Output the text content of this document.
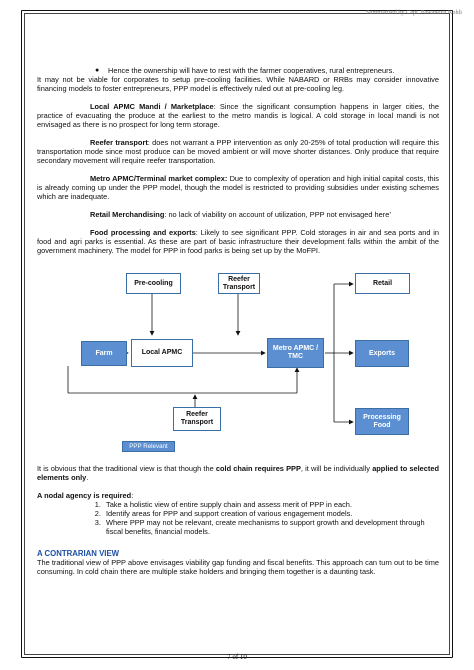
Summarised by Capt. Pawanexh Kohli
● Hence the ownership will have to rest with the farmer cooperatives, rural entrepreneurs.

It may not be viable for corporates to setup pre-cooling facilities. While NABARD or RRBs may consider innovative financing models to foster entrepreneurs, PPP model is effectively ruled out at pre-cooling leg.

Local APMC Mandi / Marketplace: Since the significant consumption happens in larger cities, the practice of evacuating the produce at the earliest to the metro mandis is logical. A cold storage in local mandi is not envisaged as there is no prospect for long term storage.

Reefer transport: does not warrant a PPP intervention as only 20-25% of total production will require this transportation mode since most produce can be moved ambient or will move shorter distances. Only produce that require secondary movement will require reefer transportation.

Metro APMC/Terminal market complex: Due to complexity of operation and high initial capital costs, this is already coming up under the PPP model, though the model is restricted to providing subsidies under existing schemes which are inadequate.

Retail Merchandising: no lack of viability on account of utilization, PPP not envisaged here’

Food processing and exports: Likely to see significant PPP. Cold storages in air and sea ports and in food and agri parks is essential. As these are part of basic infrastructure their development falls within the ambit of the government machinery. The model for PPP in food parks is being set up by the MoFPI.

Pre-cooling
Reefer Transport
Retail
Farm	Local APMC
Metro APMC / TMC	Exports
Reefer Transport
Processing Food
PPP Relevant

It is obvious that the traditional view is that though the cold chain requires PPP, it will be individually applied to selected elements only.

A nodal agency is required:

1. Take a holistic view of entire supply chain and assess merit of PPP in each.
2. Identify areas for PPP and support creation of various engagement models.
3. Where PPP may not be relevant, create mechanisms to support growth and development through fiscal benefits, financial models.

A CONTRARIAN VIEW

The traditional view of PPP above envisages viability gap funding and fiscal benefits. This approach can turn out to be time consuming. In cold chain there are multiple stake holders and bringing them together is a daunting task.

7 of 10
